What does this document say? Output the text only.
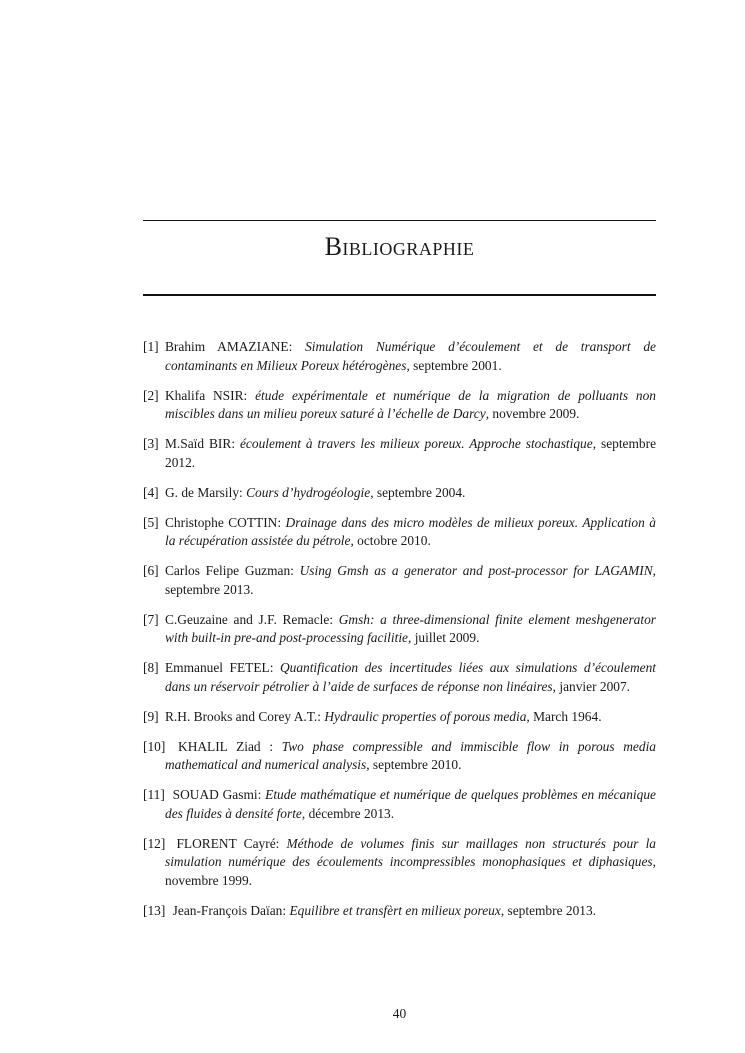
Bibliographie
[1] Brahim AMAZIANE: Simulation Numérique d’écoulement et de transport de contaminants en Milieux Poreux hétérogènes, septembre 2001.
[2] Khalifa NSIR: étude expérimentale et numérique de la migration de polluants non miscibles dans un milieu poreux saturé à l’échelle de Darcy, novembre 2009.
[3] M.Saïd BIR: écoulement à travers les milieux poreux. Approche stochastique, septembre 2012.
[4] G. de Marsily: Cours d’hydrogéologie, septembre 2004.
[5] Christophe COTTIN: Drainage dans des micro modèles de milieux poreux. Application à la récupération assistée du pétrole, octobre 2010.
[6] Carlos Felipe Guzman: Using Gmsh as a generator and post-processor for LAGAMIN, septembre 2013.
[7] C.Geuzaine and J.F. Remacle: Gmsh: a three-dimensional finite element meshgenerator with built-in pre-and post-processing facilitie, juillet 2009.
[8] Emmanuel FETEL: Quantification des incertitudes liées aux simulations d’écoulement dans un réservoir pétrolier à l’aide de surfaces de réponse non linéaires, janvier 2007.
[9] R.H. Brooks and Corey A.T.: Hydraulic properties of porous media, March 1964.
[10] KHALIL Ziad : Two phase compressible and immiscible flow in porous media mathematical and numerical analysis, septembre 2010.
[11] SOUAD Gasmi: Etude mathématique et numérique de quelques problèmes en mécanique des fluides à densité forte, décembre 2013.
[12] FLORENT Cayré: Méthode de volumes finis sur maillages non structurés pour la simulation numérique des écoulements incompressibles monophasiques et diphasiques, novembre 1999.
[13] Jean-François Daïan: Equilibre et transfèrt en milieux poreux, septembre 2013.
40
